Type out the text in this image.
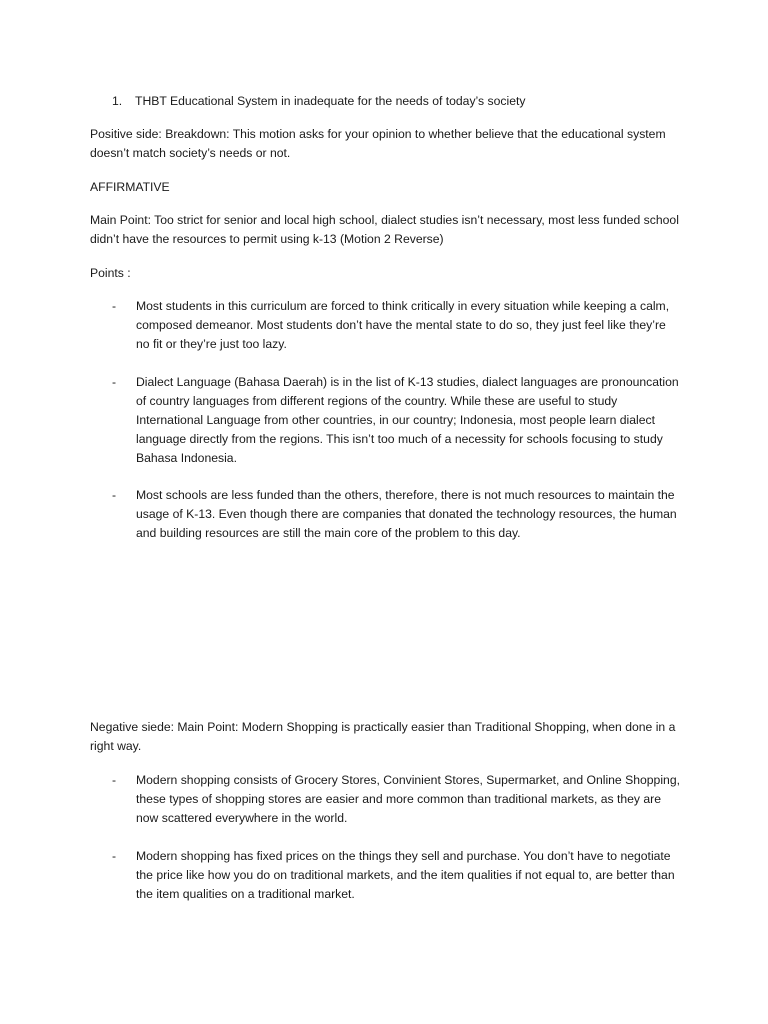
1.	THBT Educational System in inadequate for the needs of today’s society

Positive side: Breakdown: This motion asks for your opinion to whether believe that the educational system doesn’t match society’s needs or not.

AFFIRMATIVE

Main Point: Too strict for senior and local high school, dialect studies isn’t necessary, most less funded school didn’t have the resources to permit using k-13 (Motion 2 Reverse)

Points :

-	Most students in this curriculum are forced to think critically in every situation while keeping a calm, composed demeanor. Most students don’t have the mental state to do so, they just feel like they’re no fit or they’re just too lazy.

-	Dialect Language (Bahasa Daerah) is in the list of K-13 studies, dialect languages are pronouncation of country languages from different regions of the country. While these are useful to study International Language from other countries, in our country; Indonesia, most people learn dialect language directly from the regions. This isn’t too much of a necessity for schools focusing to study Bahasa Indonesia.

-	Most schools are less funded than the others, therefore, there is not much resources to maintain the usage of K-13. Even though there are companies that donated the technology resources, the human and building resources are still the main core of the problem to this day.

Negative siede: Main Point: Modern Shopping is practically easier than Traditional Shopping, when done in a right way.

-	Modern shopping consists of Grocery Stores, Convinient Stores, Supermarket, and Online Shopping, these types of shopping stores are easier and more common than traditional markets, as they are now scattered everywhere in the world.

-	Modern shopping has fixed prices on the things they sell and purchase. You don’t have to negotiate the price like how you do on traditional markets, and the item qualities if not equal to, are better than the item qualities on a traditional market.
